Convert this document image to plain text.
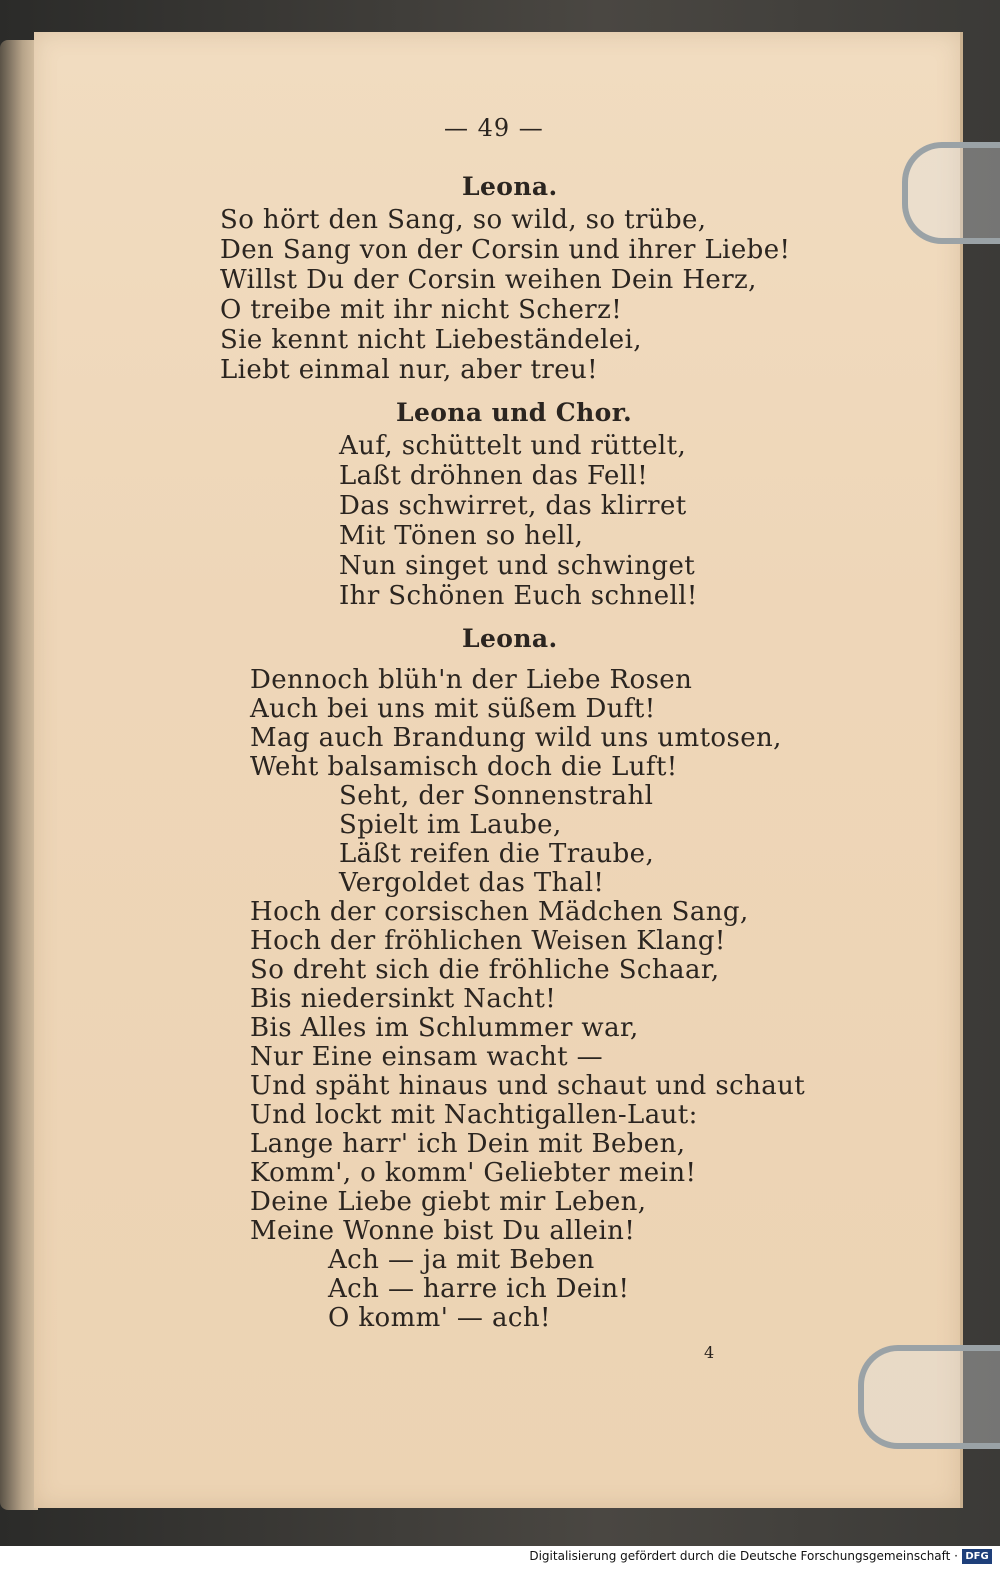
— 49 —
Leona.
So hört den Sang, so wild, so trübe,
Den Sang von der Corsin und ihrer Liebe!
Willst Du der Corsin weihen Dein Herz,
O treibe mit ihr nicht Scherz!
Sie kennt nicht Liebeständelei,
Liebt einmal nur, aber treu!
Leona und Chor.
Auf, schüttelt und rüttelt,
Laßt dröhnen das Fell!
Das schwirret, das klirret
Mit Tönen so hell,
Nun singet und schwinget
Ihr Schönen Euch schnell!
Leona.
Dennoch blüh'n der Liebe Rosen
Auch bei uns mit süßem Duft!
Mag auch Brandung wild uns umtosen,
Weht balsamisch doch die Luft!
Seht, der Sonnenstrahl
Spielt im Laube,
Läßt reifen die Traube,
Vergoldet das Thal!
Hoch der corsischen Mädchen Sang,
Hoch der fröhlichen Weisen Klang!
So dreht sich die fröhliche Schaar,
Bis niedersinkt Nacht!
Bis Alles im Schlummer war,
Nur Eine einsam wacht —
Und späht hinaus und schaut und schaut
Und lockt mit Nachtigallen-Laut:
Lange harr' ich Dein mit Beben,
Komm', o komm' Geliebter mein!
Deine Liebe giebt mir Leben,
Meine Wonne bist Du allein!
Ach — ja mit Beben
Ach — harre ich Dein!
O komm' — ach!
4
Digitalisierung gefördert durch die Deutsche Forschungsgemeinschaft · DFG
